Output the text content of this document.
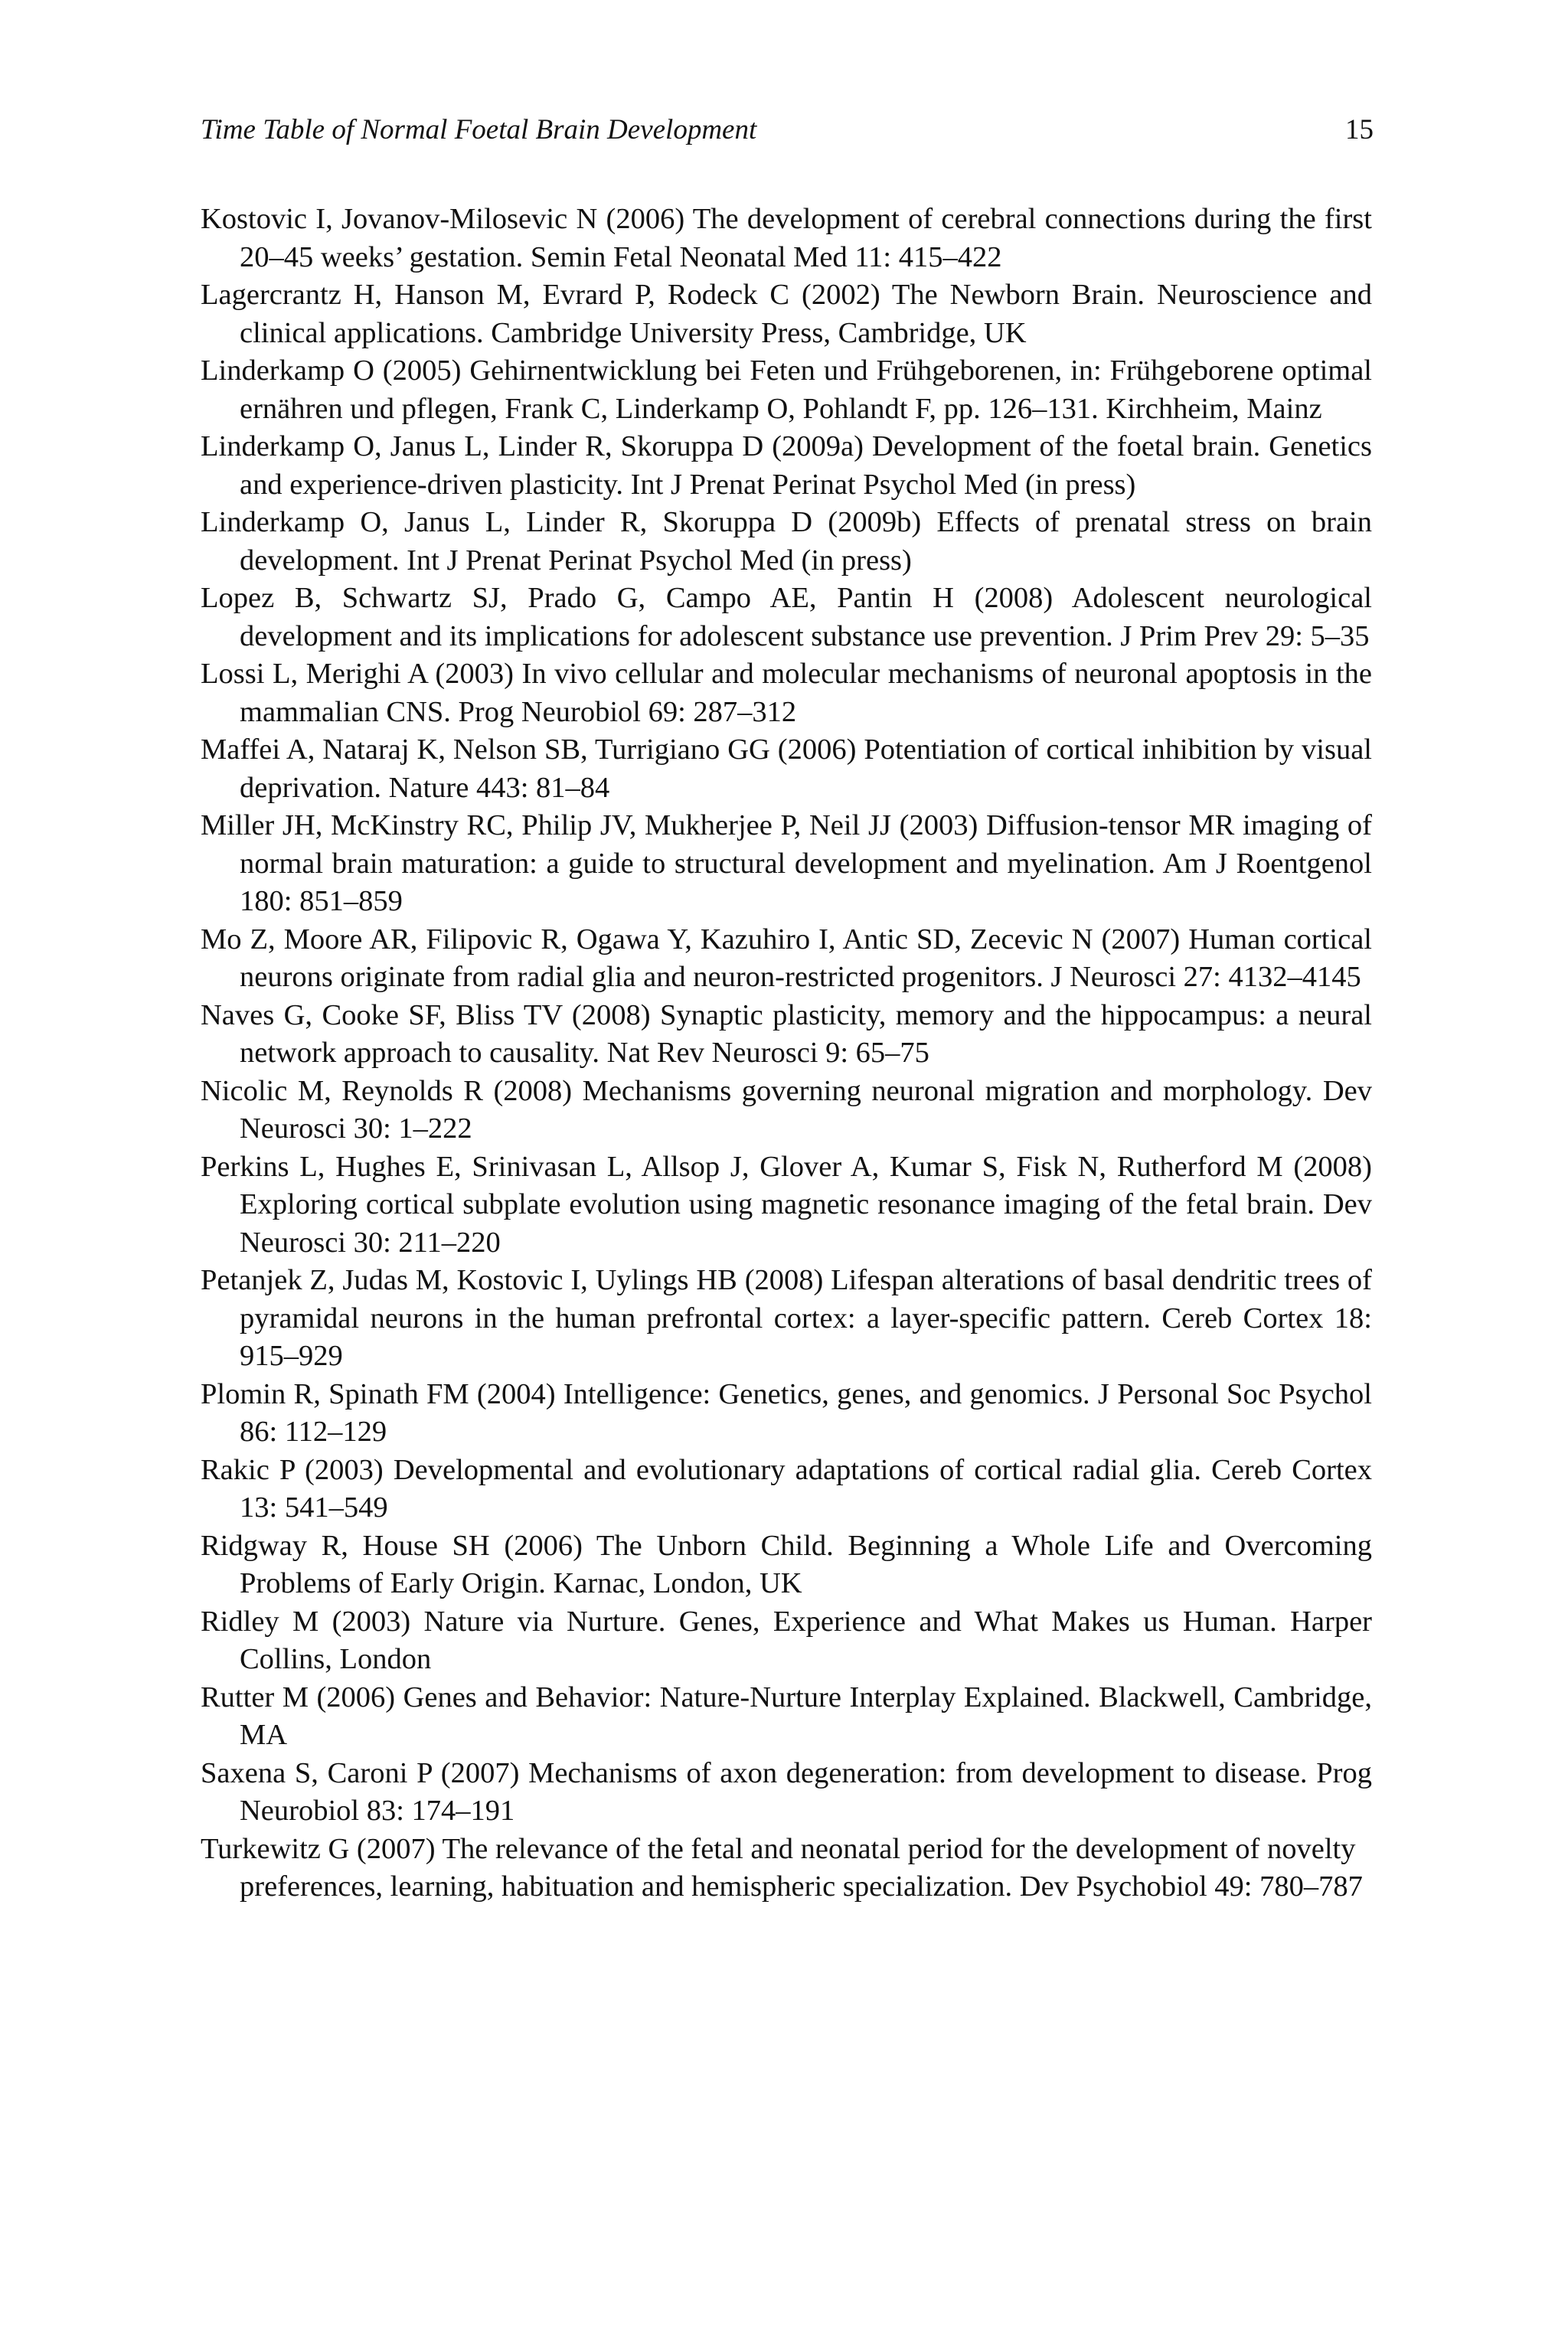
Time Table of Normal Foetal Brain Development	15
Kostovic I, Jovanov-Milosevic N (2006) The development of cerebral connections during the first 20–45 weeks’ gestation. Semin Fetal Neonatal Med 11: 415–422
Lagercrantz H, Hanson M, Evrard P, Rodeck C (2002) The Newborn Brain. Neuroscience and clinical applications. Cambridge University Press, Cambridge, UK
Linderkamp O (2005) Gehirnentwicklung bei Feten und Frühgeborenen, in: Frühgeborene optimal ernähren und pflegen, Frank C, Linderkamp O, Pohlandt F, pp. 126–131. Kirchheim, Mainz
Linderkamp O, Janus L, Linder R, Skoruppa D (2009a) Development of the foetal brain. Genetics and experience-driven plasticity. Int J Prenat Perinat Psychol Med (in press)
Linderkamp O, Janus L, Linder R, Skoruppa D (2009b) Effects of prenatal stress on brain development. Int J Prenat Perinat Psychol Med (in press)
Lopez B, Schwartz SJ, Prado G, Campo AE, Pantin H (2008) Adolescent neurological development and its implications for adolescent substance use prevention. J Prim Prev 29: 5–35
Lossi L, Merighi A (2003) In vivo cellular and molecular mechanisms of neuronal apoptosis in the mammalian CNS. Prog Neurobiol 69: 287–312
Maffei A, Nataraj K, Nelson SB, Turrigiano GG (2006) Potentiation of cortical inhibition by visual deprivation. Nature 443: 81–84
Miller JH, McKinstry RC, Philip JV, Mukherjee P, Neil JJ (2003) Diffusion-tensor MR imaging of normal brain maturation: a guide to structural development and myelination. Am J Roentgenol 180: 851–859
Mo Z, Moore AR, Filipovic R, Ogawa Y, Kazuhiro I, Antic SD, Zecevic N (2007) Human cortical neurons originate from radial glia and neuron-restricted progenitors. J Neurosci 27: 4132–4145
Naves G, Cooke SF, Bliss TV (2008) Synaptic plasticity, memory and the hippocampus: a neural network approach to causality. Nat Rev Neurosci 9: 65–75
Nicolic M, Reynolds R (2008) Mechanisms governing neuronal migration and morphology. Dev Neurosci 30: 1–222
Perkins L, Hughes E, Srinivasan L, Allsop J, Glover A, Kumar S, Fisk N, Rutherford M (2008) Exploring cortical subplate evolution using magnetic resonance imaging of the fetal brain. Dev Neurosci 30: 211–220
Petanjek Z, Judas M, Kostovic I, Uylings HB (2008) Lifespan alterations of basal dendritic trees of pyramidal neurons in the human prefrontal cortex: a layer-specific pattern. Cereb Cortex 18: 915–929
Plomin R, Spinath FM (2004) Intelligence: Genetics, genes, and genomics. J Personal Soc Psychol 86: 112–129
Rakic P (2003) Developmental and evolutionary adaptations of cortical radial glia. Cereb Cortex 13: 541–549
Ridgway R, House SH (2006) The Unborn Child. Beginning a Whole Life and Overcoming Problems of Early Origin. Karnac, London, UK
Ridley M (2003) Nature via Nurture. Genes, Experience and What Makes us Human. Harper Collins, London
Rutter M (2006) Genes and Behavior: Nature-Nurture Interplay Explained. Blackwell, Cambridge, MA
Saxena S, Caroni P (2007) Mechanisms of axon degeneration: from development to disease. Prog Neurobiol 83: 174–191
Turkewitz G (2007) The relevance of the fetal and neonatal period for the development of novelty preferences, learning, habituation and hemispheric specialization. Dev Psychobiol 49: 780–787
